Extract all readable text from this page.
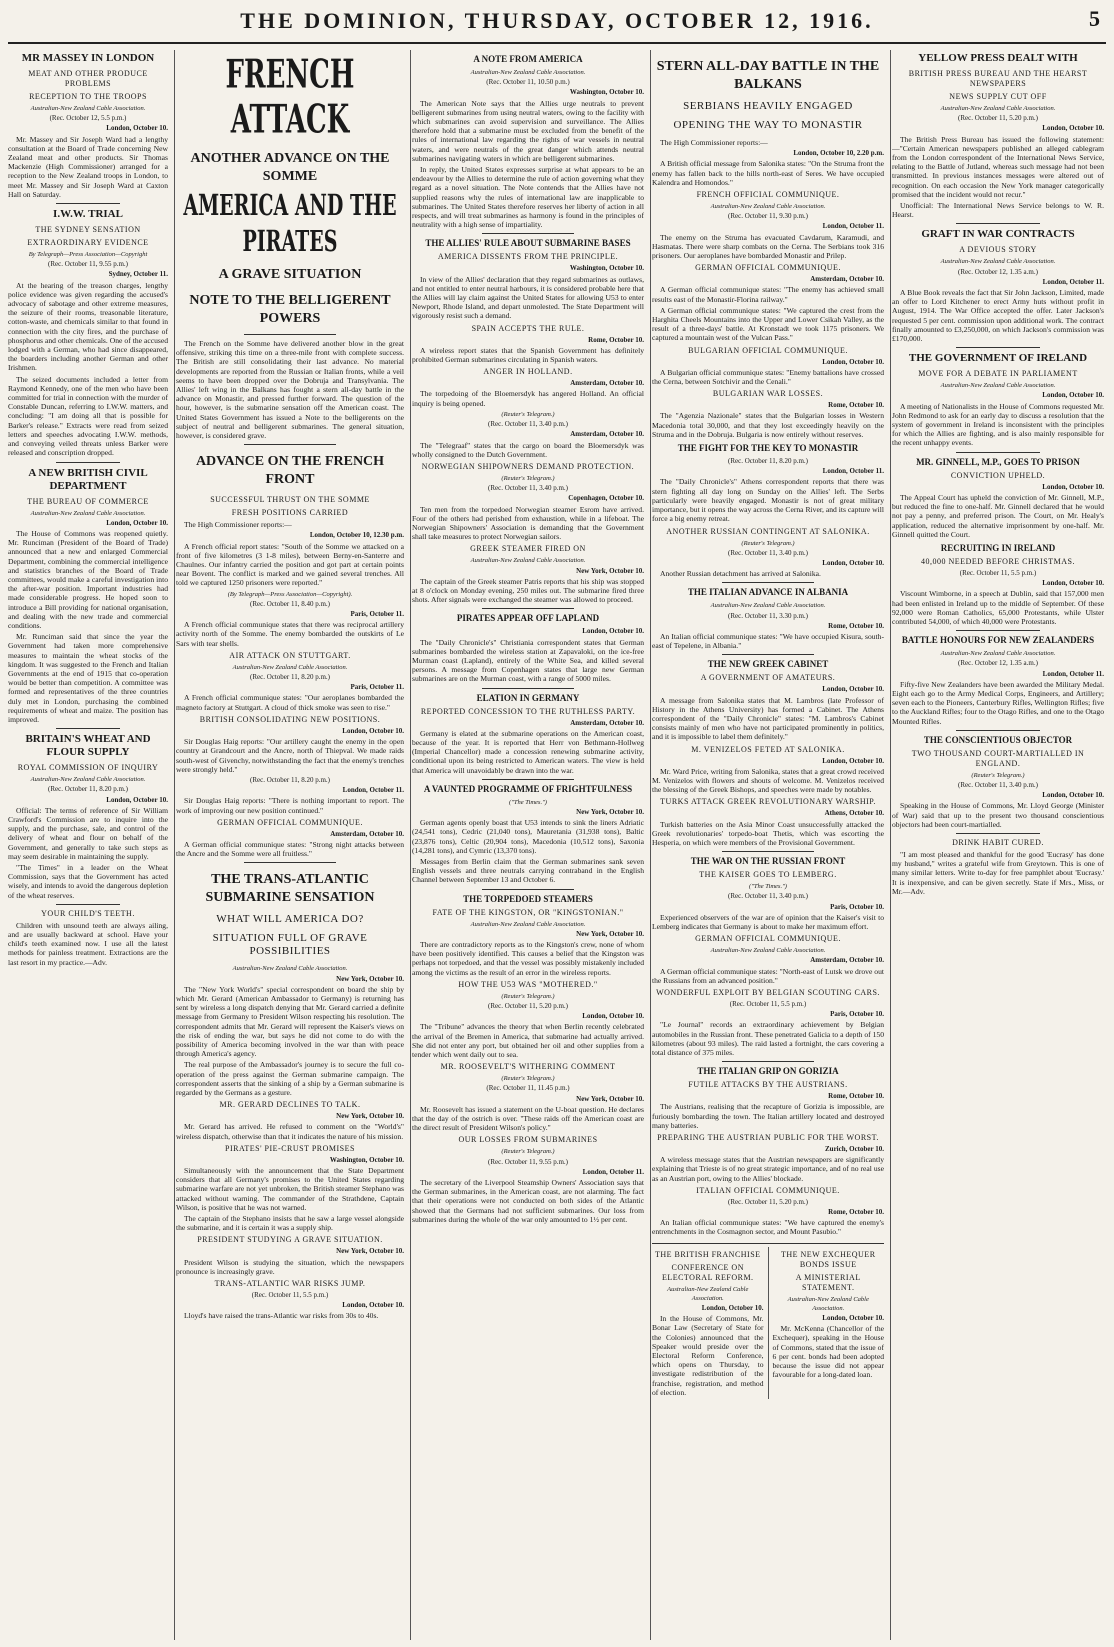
THE DOMINION, THURSDAY, OCTOBER 12, 1916.	5
MR MASSEY IN LONDON
MEAT AND OTHER PRODUCE PROBLEMS
RECEPTION TO THE TROOPS
Australian-New Zealand Cable Association.
(Rec. October 12, 5.5 p.m.)
London, October 10.

Mr. Massey and Sir Joseph Ward had a lengthy consultation at the Board of Trade concerning New Zealand meat and other products. Sir Thomas Mackenzie (High Commissioner) arranged for a reception to the New Zealand troops in London, to meet Mr. Massey and Sir Joseph Ward at Caxton Hall on Saturday.

I.W.W. TRIAL
THE SYDNEY SENSATION
EXTRAORDINARY EVIDENCE
By Telegraph—Press Association—Copyright
(Rec. October 11, 9.55 p.m.)
Sydney, October 11.

At the hearing of the treason charges, lengthy police evidence was given regarding the accused's advocacy of sabotage and other extreme measures, the seizure of their rooms, treasonable literature, cotton-waste, and chemicals similar to that found in connection with the city fires, and the purchase of phosphorus and other chemicals. One of the accused lodged with a German, who had since disappeared, the boarders including another German and other Irishmen.

The seized documents included a letter from Raymond Kennedy, one of the men who have been committed for trial in connection with the murder of Constable Duncan, referring to I.W.W. matters, and concluding: "I am doing all that is possible for Barker's release." Extracts were read from seized letters and speeches advocating I.W.W. methods, and conveying veiled threats unless Barker were released and conscription dropped.

A NEW BRITISH CIVIL DEPARTMENT
THE BUREAU OF COMMERCE
Australian-New Zealand Cable Association.
London, October 10.

The House of Commons was reopened quietly. Mr. Runciman (President of the Board of Trade) announced that a new and enlarged Commercial Department, combining the commercial intelligence and statistics branches of the Board of Trade committees, would make a careful investigation into the after-war position. Important industries had made considerable progress. He hoped soon to introduce a Bill providing for national organisation, and dealing with the new trade and commercial conditions.

Mr. Runciman said that since the year the Government had taken more comprehensive measures to maintain the wheat stocks of the kingdom. It was suggested to the French and Italian Governments at the end of 1915 that co-operation would be better than competition. A committee was formed and representatives of the three countries duly met in London, purchasing the combined requirements of wheat and maize. The position has improved.

BRITAIN'S WHEAT AND FLOUR SUPPLY
ROYAL COMMISSION OF INQUIRY
Australian-New Zealand Cable Association.
(Rec. October 11, 8.20 p.m.)
London, October 10.

Official: The terms of reference of Sir William Crawford's Commission are to inquire into the supply, and the purchase, sale, and control of the delivery of wheat and flour on behalf of the Government, and generally to take such steps as may seem desirable in maintaining the supply.

"The Times" in a leader on the Wheat Commission, says that the Government has acted wisely, and intends to avoid the dangerous depletion of the wheat reserves.

YOUR CHILD'S TEETH.

Children with unsound teeth are always ailing, and are usually backward at school. Have your child's teeth examined now. I use all the latest methods for painless treatment. Extractions are the last resort in my practice.—Adv.

FRENCH ATTACK
ANOTHER ADVANCE ON THE SOMME
AMERICA AND THE PIRATES
A GRAVE SITUATION
NOTE TO THE BELLIGERENT POWERS

The French on the Somme have delivered another blow in the great offensive, striking this time on a three-mile front with complete success. The British are still consolidating their last advance. No material developments are reported from the Russian or Italian fronts, while a veil seems to have been dropped over the Dobruja and Transylvania. The Allies' left wing in the Balkans has fought a stern all-day battle in the advance on Monastir, and pressed further forward. The question of the hour, however, is the submarine sensation off the American coast. The United States Government has issued a Note to the belligerents on the subject of neutral and belligerent submarines. The general situation, however, is considered grave.

ADVANCE ON THE FRENCH FRONT
SUCCESSFUL THRUST ON THE SOMME
FRESH POSITIONS CARRIED

The High Commissioner reports:—

London, October 10, 12.30 p.m.

A French official report states: "South of the Somme we attacked on a front of five kilometres (3 1-8 miles), between Berny-en-Santerre and Chaulnes. Our infantry carried the position and got part at certain points near Bovent. The conflict is marked and we gained several trenches. All told we captured 1250 prisoners were reported."

(By Telegraph—Press Association—Copyright).
(Rec. October 11, 8.40 p.m.)
Paris, October 11.

A French official communique states that there was reciprocal artillery activity north of the Somme. The enemy bombarded the outskirts of Le Sars with tear shells.

AIR ATTACK ON STUTTGART.
Australian-New Zealand Cable Association.
(Rec. October 11, 8.20 p.m.)
Paris, October 11.

A French official communique states: "Our aeroplanes bombarded the magneto factory at Stuttgart. A cloud of thick smoke was seen to rise."

BRITISH CONSOLIDATING NEW POSITIONS.
London, October 10.

Sir Douglas Haig reports: "Our artillery caught the enemy in the open country at Grandcourt and the Ancre, north of Thiepval. We made raids south-west of Givenchy, notwithstanding the fact that the enemy's trenches were strongly held."

(Rec. October 11, 8.20 p.m.)
London, October 11.

Sir Douglas Haig reports: "There is nothing important to report. The work of improving our new position continued."

GERMAN OFFICIAL COMMUNIQUE.
Amsterdam, October 10.

A German official communique states: "Strong night attacks between the Ancre and the Somme were all fruitless."

THE TRANS-ATLANTIC SUBMARINE SENSATION
WHAT WILL AMERICA DO?
SITUATION FULL OF GRAVE POSSIBILITIES
Australian-New Zealand Cable Association.
New York, October 10.

The "New York World's" special correspondent on board the ship by which Mr. Gerard (American Ambassador to Germany) is returning has sent by wireless a long dispatch denying that Mr. Gerard carried a definite message from Germany to President Wilson respecting his resolution. The correspondent admits that Mr. Gerard will represent the Kaiser's views on the risk of ending the war, but says he did not come to do with the possibility of America becoming involved in the war than with peace through America's agency.

The real purpose of the Ambassador's journey is to secure the full co-operation of the press against the German submarine campaign. The correspondent asserts that the sinking of a ship by a German submarine is regarded by the Germans as a gesture.

MR. GERARD DECLINES TO TALK.
New York, October 10.

Mr. Gerard has arrived. He refused to comment on the "World's" wireless dispatch, otherwise than that it indicates the nature of his mission.

PIRATES' PIE-CRUST PROMISES
Washington, October 10.

Simultaneously with the announcement that the State Department considers that all Germany's promises to the United States regarding submarine warfare are not yet unbroken, the British steamer Stephano was attacked without warning. The commander of the Strathdene, Captain Wilson, is positive that he was not warned.

The captain of the Stephano insists that he saw a large vessel alongside the submarine, and it is certain it was a supply ship.

PRESIDENT STUDYING A GRAVE SITUATION.
New York, October 10.

President Wilson is studying the situation, which the newspapers pronounce is increasingly grave.

TRANS-ATLANTIC WAR RISKS JUMP.
(Rec. October 11, 5.5 p.m.)
London, October 10.

Lloyd's have raised the trans-Atlantic war risks from 30s to 40s.

A NOTE FROM AMERICA
Australian-New Zealand Cable Association.
(Rec. October 11, 10.50 p.m.)
Washington, October 10.

The American Note says that the Allies urge neutrals to prevent belligerent submarines from using neutral waters, owing to the facility with which submarines can avoid supervision and surveillance. The Allies therefore hold that a submarine must be excluded from the benefit of the rules of international law regarding the rights of war vessels in neutral waters, and were neutrals of the great danger which attends neutral submarines navigating waters in which are belligerent submarines.

In reply, the United States expresses surprise at what appears to be an endeavour by the Allies to determine the rule of action governing what they regard as a novel situation. The Note contends that the Allies have not supplied reasons why the rules of international law are inapplicable to submarines. The United States therefore reserves her liberty of action in all respects, and will treat submarines as harmony is found in the principles of neutrality with a high sense of impartiality.

THE ALLIES' RULE ABOUT SUBMARINE BASES
AMERICA DISSENTS FROM THE PRINCIPLE.
Washington, October 10.

In view of the Allies' declaration that they regard submarines as outlaws, and not entitled to enter neutral harbours, it is considered probable here that the Allies will lay claim against the United States for allowing U53 to enter Newport, Rhode Island, and depart unmolested. The State Department will vigorously resist such a demand.

SPAIN ACCEPTS THE RULE.
Rome, October 10.

A wireless report states that the Spanish Government has definitely prohibited German submarines circulating in Spanish waters.

ANGER IN HOLLAND.
Amsterdam, October 10.

The torpedoing of the Bloemersdyk has angered Holland. An official inquiry is being opened.

(Reuter's Telegram.)
(Rec. October 11, 3.40 p.m.)
Amsterdam, October 10.

The "Telegraaf" states that the cargo on board the Bloemersdyk was wholly consigned to the Dutch Government.

NORWEGIAN SHIPOWNERS DEMAND PROTECTION.
(Reuter's Telegram.)
(Rec. October 11, 3.40 p.m.)
Copenhagen, October 10.

Ten men from the torpedoed Norwegian steamer Esrom have arrived. Four of the others had perished from exhaustion, while in a lifeboat. The Norwegian Shipowners' Association is demanding that the Government shall take measures to protect Norwegian sailors.

GREEK STEAMER FIRED ON
Australian-New Zealand Cable Association.
New York, October 10.

The captain of the Greek steamer Patris reports that his ship was stopped at 8 o'clock on Monday evening, 250 miles out. The submarine fired three shots. After signals were exchanged the steamer was allowed to proceed.

PIRATES APPEAR OFF LAPLAND
London, October 10.

The "Daily Chronicle's" Christiania correspondent states that German submarines bombarded the wireless station at Zapavaloki, on the ice-free Murman coast (Lapland), entirely of the White Sea, and killed several persons. A message from Copenhagen states that large new German submarines are on the Murman coast, with a range of 5000 miles.

ELATION IN GERMANY
REPORTED CONCESSION TO THE RUTHLESS PARTY.
Amsterdam, October 10.

Germany is elated at the submarine operations on the American coast, because of the year. It is reported that Herr von Bethmann-Hollweg (Imperial Chancellor) made a concession renewing submarine activity, conditional upon its being restricted to American waters. The view is held that America will unavoidably be drawn into the war.

A VAUNTED PROGRAMME OF FRIGHTFULNESS
("The Times.")
New York, October 10.

German agents openly boast that U53 intends to sink the liners Adriatic (24,541 tons), Cedric (21,040 tons), Mauretania (31,938 tons), Baltic (23,876 tons), Celtic (20,904 tons), Macedonia (10,512 tons), Saxonia (14,281 tons), and Cymric (13,370 tons).

Messages from Berlin claim that the German submarines sank seven English vessels and three neutrals carrying contraband in the English Channel between September 13 and October 6.

THE TORPEDOED STEAMERS
FATE OF THE KINGSTON, OR "KINGSTONIAN."
Australian-New Zealand Cable Association.
New York, October 10.

There are contradictory reports as to the Kingston's crew, none of whom have been positively identified. This causes a belief that the Kingston was perhaps not torpedoed, and that the vessel was possibly mistakenly included among the victims as the result of an error in the wireless reports.

HOW THE U53 WAS "MOTHERED."
(Reuter's Telegram.)
(Rec. October 11, 5.20 p.m.)
London, October 10.

The "Tribune" advances the theory that when Berlin recently celebrated the arrival of the Bremen in America, that submarine had actually arrived. She did not enter any port, but obtained her oil and other supplies from a tender which went daily out to sea.

MR. ROOSEVELT'S WITHERING COMMENT
(Reuter's Telegram.)
(Rec. October 11, 11.45 p.m.)
New York, October 10.

Mr. Roosevelt has issued a statement on the U-boat question. He declares that the day of the ostrich is over. "These raids off the American coast are the direct result of President Wilson's policy."

OUR LOSSES FROM SUBMARINES
(Reuter's Telegram.)
(Rec. October 11, 9.55 p.m.)
London, October 11.

The secretary of the Liverpool Steamship Owners' Association says that the German submarines, in the American coast, are not alarming. The fact that their operations were not conducted on both sides of the Atlantic showed that the Germans had not sufficient submarines. Our loss from submarines during the whole of the war only amounted to 1½ per cent.

STERN ALL-DAY BATTLE IN THE BALKANS
SERBIANS HEAVILY ENGAGED
OPENING THE WAY TO MONASTIR

The High Commissioner reports:—

London, October 10, 2.20 p.m.

A British official message from Salonika states: "On the Struma front the enemy has fallen back to the hills north-east of Seres. We have occupied Kalendra and Homondos."

FRENCH OFFICIAL COMMUNIQUE.
Australian-New Zealand Cable Association.
(Rec. October 11, 9.30 p.m.)
London, October 11.

The enemy on the Struma has evacuated Cavdarum, Karamudi, and Hasmatas. There were sharp combats on the Cerna. The Serbians took 316 prisoners. Our aeroplanes have bombarded Monastir and Prilep.

GERMAN OFFICIAL COMMUNIQUE.
Amsterdam, October 10.

A German official communique states: "The enemy has achieved small results east of the Monastir-Florina railway."

A German official communique states: "We captured the crest from the Harghita Cheels Mountains into the Upper and Lower Csikah Valley, as the result of a three-days' battle. At Kronstadt we took 1175 prisoners. We captured a mountain west of the Vulcan Pass."

BULGARIAN OFFICIAL COMMUNIQUE.
London, October 10.

A Bulgarian official communique states: "Enemy battalions have crossed the Cerna, between Sotchivir and the Cenali."

BULGARIAN WAR LOSSES.
Rome, October 10.

The "Agenzia Nazionale" states that the Bulgarian losses in Western Macedonia total 30,000, and that they lost exceedingly heavily on the Struma and in the Dobruja. Bulgaria is now entirely without reserves.

THE FIGHT FOR THE KEY TO MONASTIR
(Rec. October 11, 8.20 p.m.)
London, October 11.

The "Daily Chronicle's" Athens correspondent reports that there was stern fighting all day long on Sunday on the Allies' left. The Serbs particularly were heavily engaged. Monastir is not of great military importance, but it opens the way across the Cerna River, and its capture will force a big enemy retreat.

ANOTHER RUSSIAN CONTINGENT AT SALONIKA.
(Reuter's Telegram.)
(Rec. October 11, 3.40 p.m.)
London, October 10.

Another Russian detachment has arrived at Salonika.

THE ITALIAN ADVANCE IN ALBANIA
Australian-New Zealand Cable Association.
(Rec. October 11, 3.30 p.m.)
Rome, October 10.

An Italian official communique states: "We have occupied Kisura, south-east of Tepelene, in Albania."

THE NEW GREEK CABINET
A GOVERNMENT OF AMATEURS.
London, October 10.

A message from Salonika states that M. Lambros (late Professor of History in the Athens University) has formed a Cabinet. The Athens correspondent of the "Daily Chronicle" states: "M. Lambros's Cabinet consists mainly of men who have not participated prominently in politics, and it is impossible to label them definitely."

M. VENIZELOS FETED AT SALONIKA.
London, October 10.

Mr. Ward Price, writing from Salonika, states that a great crowd received M. Venizelos with flowers and shouts of welcome. M. Venizelos received the blessing of the Greek Bishops, and speeches were made by notables.

TURKS ATTACK GREEK REVOLUTIONARY WARSHIP.
Athens, October 10.

Turkish batteries on the Asia Minor Coast unsuccessfully attacked the Greek revolutionaries' torpedo-boat Thetis, which was escorting the Hesperia, on which were members of the Provisional Government.

THE WAR ON THE RUSSIAN FRONT
THE KAISER GOES TO LEMBERG.
("The Times.")
(Rec. October 11, 3.40 p.m.)
Paris, October 10.

Experienced observers of the war are of opinion that the Kaiser's visit to Lemberg indicates that Germany is about to make her maximum effort.

GERMAN OFFICIAL COMMUNIQUE.
Australian-New Zealand Cable Association.
Amsterdam, October 10.

A German official communique states: "North-east of Lutsk we drove out the Russians from an advanced position."

WONDERFUL EXPLOIT BY BELGIAN SCOUTING CARS.
(Rec. October 11, 5.5 p.m.)
Paris, October 10.

"Le Journal" records an extraordinary achievement by Belgian automobiles in the Russian front. These penetrated Galicia to a depth of 150 kilometres (about 93 miles). The raid lasted a fortnight, the cars covering a total distance of 375 miles.

THE ITALIAN GRIP ON GORIZIA
FUTILE ATTACKS BY THE AUSTRIANS.
Rome, October 10.

The Austrians, realising that the recapture of Gorizia is impossible, are furiously bombarding the town. The Italian artillery located and destroyed many batteries.

PREPARING THE AUSTRIAN PUBLIC FOR THE WORST.
Zurich, October 10.

A wireless message states that the Austrian newspapers are significantly explaining that Trieste is of no great strategic importance, and of no real use as an Austrian port, owing to the Allies' blockade.

ITALIAN OFFICIAL COMMUNIQUE.
(Rec. October 11, 5.20 p.m.)
Rome, October 10.

An Italian official communique states: "We have captured the enemy's entrenchments in the Cosmagnon sector, and Mount Pasubio."

THE BRITISH FRANCHISE
CONFERENCE ON ELECTORAL REFORM.
Australian-New Zealand Cable Association.
London, October 10.

In the House of Commons, Mr. Bonar Law (Secretary of State for the Colonies) announced that the Speaker would preside over the Electoral Reform Conference, which opens on Thursday, to investigate redistribution of the franchise, registration, and method of election.

THE NEW EXCHEQUER BONDS ISSUE
A MINISTERIAL STATEMENT.
Australian-New Zealand Cable Association.
London, October 10.

Mr. McKenna (Chancellor of the Exchequer), speaking in the House of Commons, stated that the issue of 6 per cent. bonds had been adopted because the issue did not appear favourable for a long-dated loan.

YELLOW PRESS DEALT WITH
BRITISH PRESS BUREAU AND THE HEARST NEWSPAPERS
NEWS SUPPLY CUT OFF
Australian-New Zealand Cable Association.
(Rec. October 11, 5.20 p.m.)
London, October 10.

The British Press Bureau has issued the following statement:—"Certain American newspapers published an alleged cablegram from the London correspondent of the International News Service, relating to the Battle of Jutland, whereas such message had not been transmitted. In previous instances messages were altered out of recognition. On each occasion the New York manager categorically promised that the incident would not recur."

Unofficial: The International News Service belongs to W. R. Hearst.

GRAFT IN WAR CONTRACTS
A DEVIOUS STORY
Australian-New Zealand Cable Association.
(Rec. October 12, 1.35 a.m.)
London, October 11.

A Blue Book reveals the fact that Sir John Jackson, Limited, made an offer to Lord Kitchener to erect Army huts without profit in August, 1914. The War Office accepted the offer. Later Jackson's requested 5 per cent. commission upon additional work. The contract finally amounted to £3,250,000, on which Jackson's commission was £170,000.

THE GOVERNMENT OF IRELAND
MOVE FOR A DEBATE IN PARLIAMENT
Australian-New Zealand Cable Association.
London, October 10.

A meeting of Nationalists in the House of Commons requested Mr. John Redmond to ask for an early day to discuss a resolution that the system of government in Ireland is inconsistent with the principles for which the Allies are fighting, and is also mainly responsible for the recent unhappy events.

MR. GINNELL, M.P., GOES TO PRISON
CONVICTION UPHELD.
London, October 10.

The Appeal Court has upheld the conviction of Mr. Ginnell, M.P., but reduced the fine to one-half. Mr. Ginnell declared that he would not pay a penny, and preferred prison. The Court, on Mr. Healy's application, reduced the alternative imprisonment by one-half. Mr. Ginnell quitted the Court.

RECRUITING IN IRELAND
40,000 NEEDED BEFORE CHRISTMAS.
(Rec. October 11, 5.5 p.m.)
London, October 10.

Viscount Wimborne, in a speech at Dublin, said that 157,000 men had been enlisted in Ireland up to the middle of September. Of these 92,000 were Roman Catholics, 65,000 Protestants, while Ulster contributed 54,000, of which 40,000 were Protestants.

BATTLE HONOURS FOR NEW ZEALANDERS
Australian-New Zealand Cable Association.
(Rec. October 12, 1.35 a.m.)
London, October 11.

Fifty-five New Zealanders have been awarded the Military Medal. Eight each go to the Army Medical Corps, Engineers, and Artillery; seven each to the Pioneers, Canterbury Rifles, Wellington Rifles; five to the Auckland Rifles; four to the Otago Rifles, and one to the Otago Mounted Rifles.

THE CONSCIENTIOUS OBJECTOR
TWO THOUSAND COURT-MARTIALLED IN ENGLAND.
(Reuter's Telegram.)
(Rec. October 11, 3.40 p.m.)
London, October 10.

Speaking in the House of Commons, Mr. Lloyd George (Minister of War) said that up to the present two thousand conscientious objectors had been court-martialled.

DRINK HABIT CURED.

"I am most pleased and thankful for the good 'Eucrasy' has done my husband," writes a grateful wife from Greytown. This is one of many similar letters. Write to-day for free pamphlet about 'Eucrasy.' It is inexpensive, and can be given secretly. State if Mrs., Miss, or Mr.—Adv.
